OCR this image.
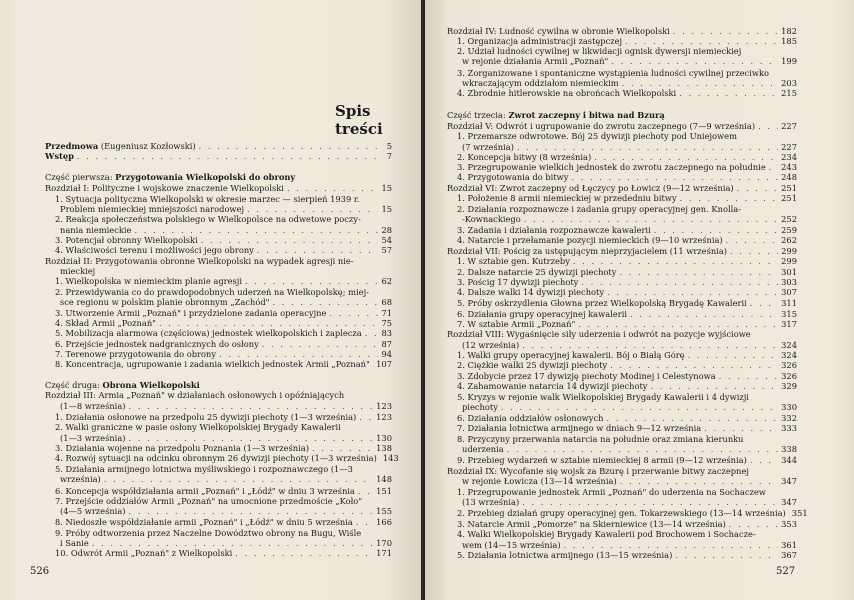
Spis treści
Przedmowa (Eugeniusz Kozłowski) . . .	5
Wstęp . . .	7
Część pierwsza: Przygotowania Wielkopolski do obrony
Rozdział I: Polityczne i wojskowe znaczenie Wielkopolski . . .	15
1. Sytuacja polityczna Wielkopolski w okresie marzec — sierpień 1939 r.
Problem niemieckiej mniejszości narodowej . . .	15
2. Reakcja społeczeństwa polskiego w Wielkopolsce na odwetowe poczy-
nania niemieckie . . .	28
3. Potencjał obronny Wielkopolski . . .	54
4. Właściwości terenu i możliwości jego obrony . . .	57
Rozdział II: Przygotowania obronne Wielkopolski na wypadek agresji nie-
mieckiej
1. Wielkopolska w niemieckim planie agresji . . .	62
2. Przewidywania co do prawdopodobnych uderzeń na Wielkopolskę; miej-
sce regionu w polskim planie obronnym „Zachód" . . .	68
3. Utworzenie Armii „Poznań" i przydzielone zadania operacyjne . . .	71
4. Skład Armii „Poznań" . . .	75
5. Mobilizacja alarmowa (częściowa) jednostek wielkopolskich i zaplecza . . . 83
6. Przejście jednostek nadgranicznych do osłony . . .	87
7. Terenowe przygotowania do obrony . . .	94
8. Koncentracja, ugrupowanie i zadania wielkich jednostek Armii „Poznań" . . . 107
Część druga: Obrona Wielkopolski
Rozdział III: Armia „Poznań" w działaniach osłonowych i opóźniających
(1—8 września) . . .	123
1. Działania osłonowe na przedpolu 25 dywizji piechoty (1—3 września) . . . 123
2. Walki graniczne w pasie osłony Wielkopolskiej Brygady Kawalerii
(1—3 września) . . .	130
3. Działania wojenne na przedpolu Poznania (1—3 września) . . .	138
4. Rozwój sytuacji na odcinku obronnym 26 dywizji piechoty (1—3 września) 143
5. Działania armijnego lotnictwa myśliwskiego i rozpoznawczego (1—3
września) . . .	148
6. Koncepcja współdziałania armii „Poznań" i „Łódź" w dniu 3 września . . .	151
7. Przejście oddziałów Armii „Poznań" na umocnione przedmoście „Koło"
(4—5 września) . . .	155
8. Niedoszłe współdziałanie armii „Poznań" i „Łódź" w dniu 5 września . . .	166
9. Próby odtworzenia przez Naczelne Dowództwo obrony na Bugu, Wiśle
i Sanie . . .	170
10. Odwrót Armii „Poznań" z Wielkopolski . . .	171
526
Rozdział IV: Ludność cywilna w obronie Wielkopolski . . .	182
1. Organizacja administracji zastępczej . . .	185
2. Udział ludności cywilnej w likwidacji ognisk dywersji niemieckiej
w rejonie działania Armii „Poznań" . . .	199
3. Zorganizowane i spontaniczne wystąpienia ludności cywilnej przeciwko
wkraczającym oddziałom niemieckim . . .	203
4. Zbrodnie hitlerowskie na obrońcach Wielkopolski . . .	215
Część trzecia: Zwrot zaczepny i bitwa nad Bzurą
Rozdział V: Odwrót i ugrupowanie do zwrotu zaczepnego (7—9 września) . . .	227
1. Przemarsze odwrotowe. Bój 25 dywizji piechoty pod Uniejowem
(7 września) . . .	227
2. Koncepcja bitwy (8 września) . . .	234
3. Przegrupowanie wielkich jednostek do zwrotu zaczepnego na południe . . . 243
4. Przygotowania do bitwy . . .	248
Rozdział VI: Zwrot zaczepny od Łęczycy po Łowicz (9—12 września) . . .	251
1. Położenie 8 armii niemieckiej w przededniu bitwy . . .	251
2. Działania rozpoznawcze i zadania grupy operacyjnej gen. Knolla-
-Kownackiego . . .	252
3. Zadania i działania rozpoznawcze kawalerii . . .	259
4. Natarcie i przełamanie pozycji niemieckich (9—10 września) . . .	262
Rozdział VII: Pościg za ustępującym nieprzyjacielem (11 września) . . .	299
1. W sztabie gen. Kutrzeby . . .	299
2. Dalsze natarcie 25 dywizji piechoty . . .	301
3. Pościg 17 dywizji piechoty . . .	303
4. Dalsze walki 14 dywizji piechoty . . .	307
5. Próby oskrzydlenia Głowna przez Wielkopolską Brygadę Kawalerii . . .	311
6. Działania grupy operacyjnej kawalerii . . .	315
7. W sztabie Armii „Poznań" . . .	317
Rozdział VIII: Wygaśnięcie siły uderzenia i odwrót na pozycje wyjściowe
(12 września) . . .	324
1. Walki grupy operacyjnej kawalerii. Bój o Białą Górę . . .	324
2. Ciężkie walki 25 dywizji piechoty . . .	326
3. Zdobycie przez 17 dywizję piechoty Modinej i Celestynowa . . .	326
4. Zahamowanie natarcia 14 dywizji piechoty . . .	329
5. Kryzys w rejonie walk Wielkopolskiej Brygady Kawalerii i 4 dywizji
piechoty . . .	330
6. Działania oddziałów osłonowych . . .	332
7. Działania lotnictwa armijnego w dniach 9—12 września . . .	333
8. Przyczyny przerwania natarcia na południe oraz zmiana kierunku
uderzenia . . .	338
9. Przebieg wydarzeń w sztabie niemieckiej 8 armii (9—12 września) . . .	344
Rozdział IX: Wycofanie się wojsk za Bzurę i przerwanie bitwy zaczepnej
w rejonie Łowicza (13—14 września) . . .	347
1. Przegrupowanie jednostek Armii „Poznań" do uderzenia na Sochaczew
(13 września) . . .	347
2. Przebieg działań grupy operacyjnej gen. Tokarzewskiego (13—14 września) 351
3. Natarcie Armii „Pomorze" na Skierniewice (13—14 września) . . .	353
4. Walki Wielkopolskiej Brygady Kawalerii pod Brochowem i Sochacze-
wem (14—15 września) . . .	361
5. Działania lotnictwa armijnego (13—15 września) . . .	367
527
